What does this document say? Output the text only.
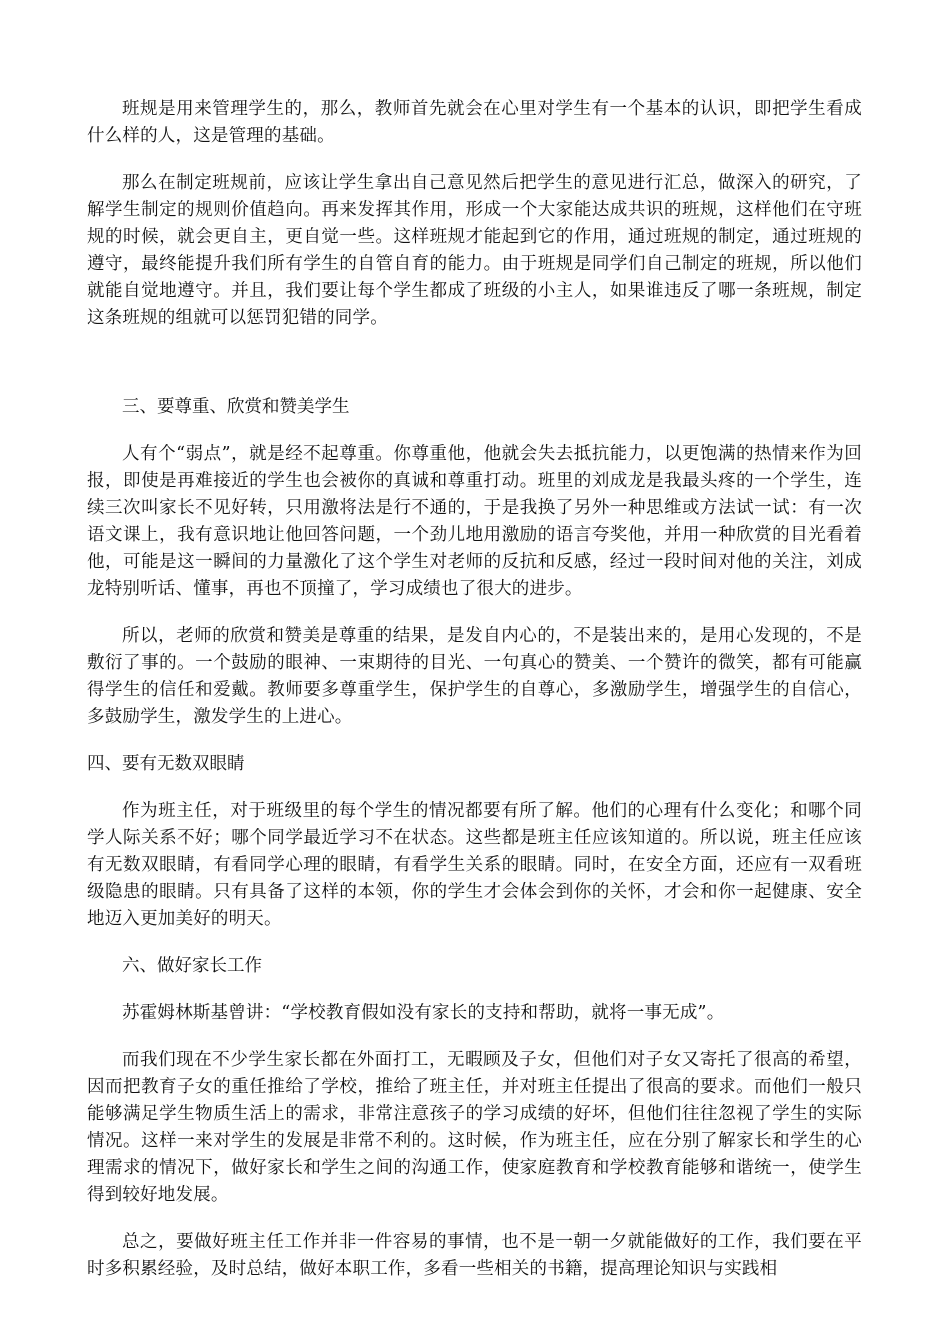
班规是用来管理学生的，那么，教师首先就会在心里对学生有一个基本的认识，即把学生看成什么样的人，这是管理的基础。

那么在制定班规前，应该让学生拿出自己意见然后把学生的意见进行汇总，做深入的研究，了解学生制定的规则价值趋向。再来发挥其作用，形成一个大家能达成共识的班规，这样他们在守班规的时候，就会更自主，更自觉一些。这样班规才能起到它的作用，通过班规的制定，通过班规的遵守，最终能提升我们所有学生的自管自育的能力。由于班规是同学们自己制定的班规，所以他们就能自觉地遵守。并且，我们要让每个学生都成了班级的小主人，如果谁违反了哪一条班规，制定这条班规的组就可以惩罚犯错的同学。

三、要尊重、欣赏和赞美学生

人有个“弱点”，就是经不起尊重。你尊重他，他就会失去抵抗能力，以更饱满的热情来作为回报，即使是再难接近的学生也会被你的真诚和尊重打动。班里的刘成龙是我最头疼的一个学生，连续三次叫家长不见好转，只用激将法是行不通的，于是我换了另外一种思维或方法试一试：有一次语文课上，我有意识地让他回答问题，一个劲儿地用激励的语言夸奖他，并用一种欣赏的目光看着他，可能是这一瞬间的力量激化了这个学生对老师的反抗和反感，经过一段时间对他的关注，刘成龙特别听话、懂事，再也不顶撞了，学习成绩也了很大的进步。

所以，老师的欣赏和赞美是尊重的结果，是发自内心的，不是装出来的，是用心发现的，不是敷衍了事的。一个鼓励的眼神、一束期待的目光、一句真心的赞美、一个赞许的微笑，都有可能赢得学生的信任和爱戴。教师要多尊重学生，保护学生的自尊心，多激励学生，增强学生的自信心，多鼓励学生，激发学生的上进心。

四、要有无数双眼睛

作为班主任，对于班级里的每个学生的情况都要有所了解。他们的心理有什么变化；和哪个同学人际关系不好；哪个同学最近学习不在状态。这些都是班主任应该知道的。所以说，班主任应该有无数双眼睛，有看同学心理的眼睛，有看学生关系的眼睛。同时，在安全方面，还应有一双看班级隐患的眼睛。只有具备了这样的本领，你的学生才会体会到你的关怀，才会和你一起健康、安全地迈入更加美好的明天。

六、做好家长工作

苏霍姆林斯基曾讲：“学校教育假如没有家长的支持和帮助，就将一事无成”。

而我们现在不少学生家长都在外面打工，无暇顾及子女，但他们对子女又寄托了很高的希望，因而把教育子女的重任推给了学校，推给了班主任，并对班主任提出了很高的要求。而他们一般只能够满足学生物质生活上的需求，非常注意孩子的学习成绩的好坏，但他们往往忽视了学生的实际情况。这样一来对学生的发展是非常不利的。这时候，作为班主任，应在分别了解家长和学生的心理需求的情况下，做好家长和学生之间的沟通工作，使家庭教育和学校教育能够和谐统一，使学生得到较好地发展。

总之，要做好班主任工作并非一件容易的事情，也不是一朝一夕就能做好的工作，我们要在平时多积累经验，及时总结，做好本职工作，多看一些相关的书籍，提高理论知识与实践相
